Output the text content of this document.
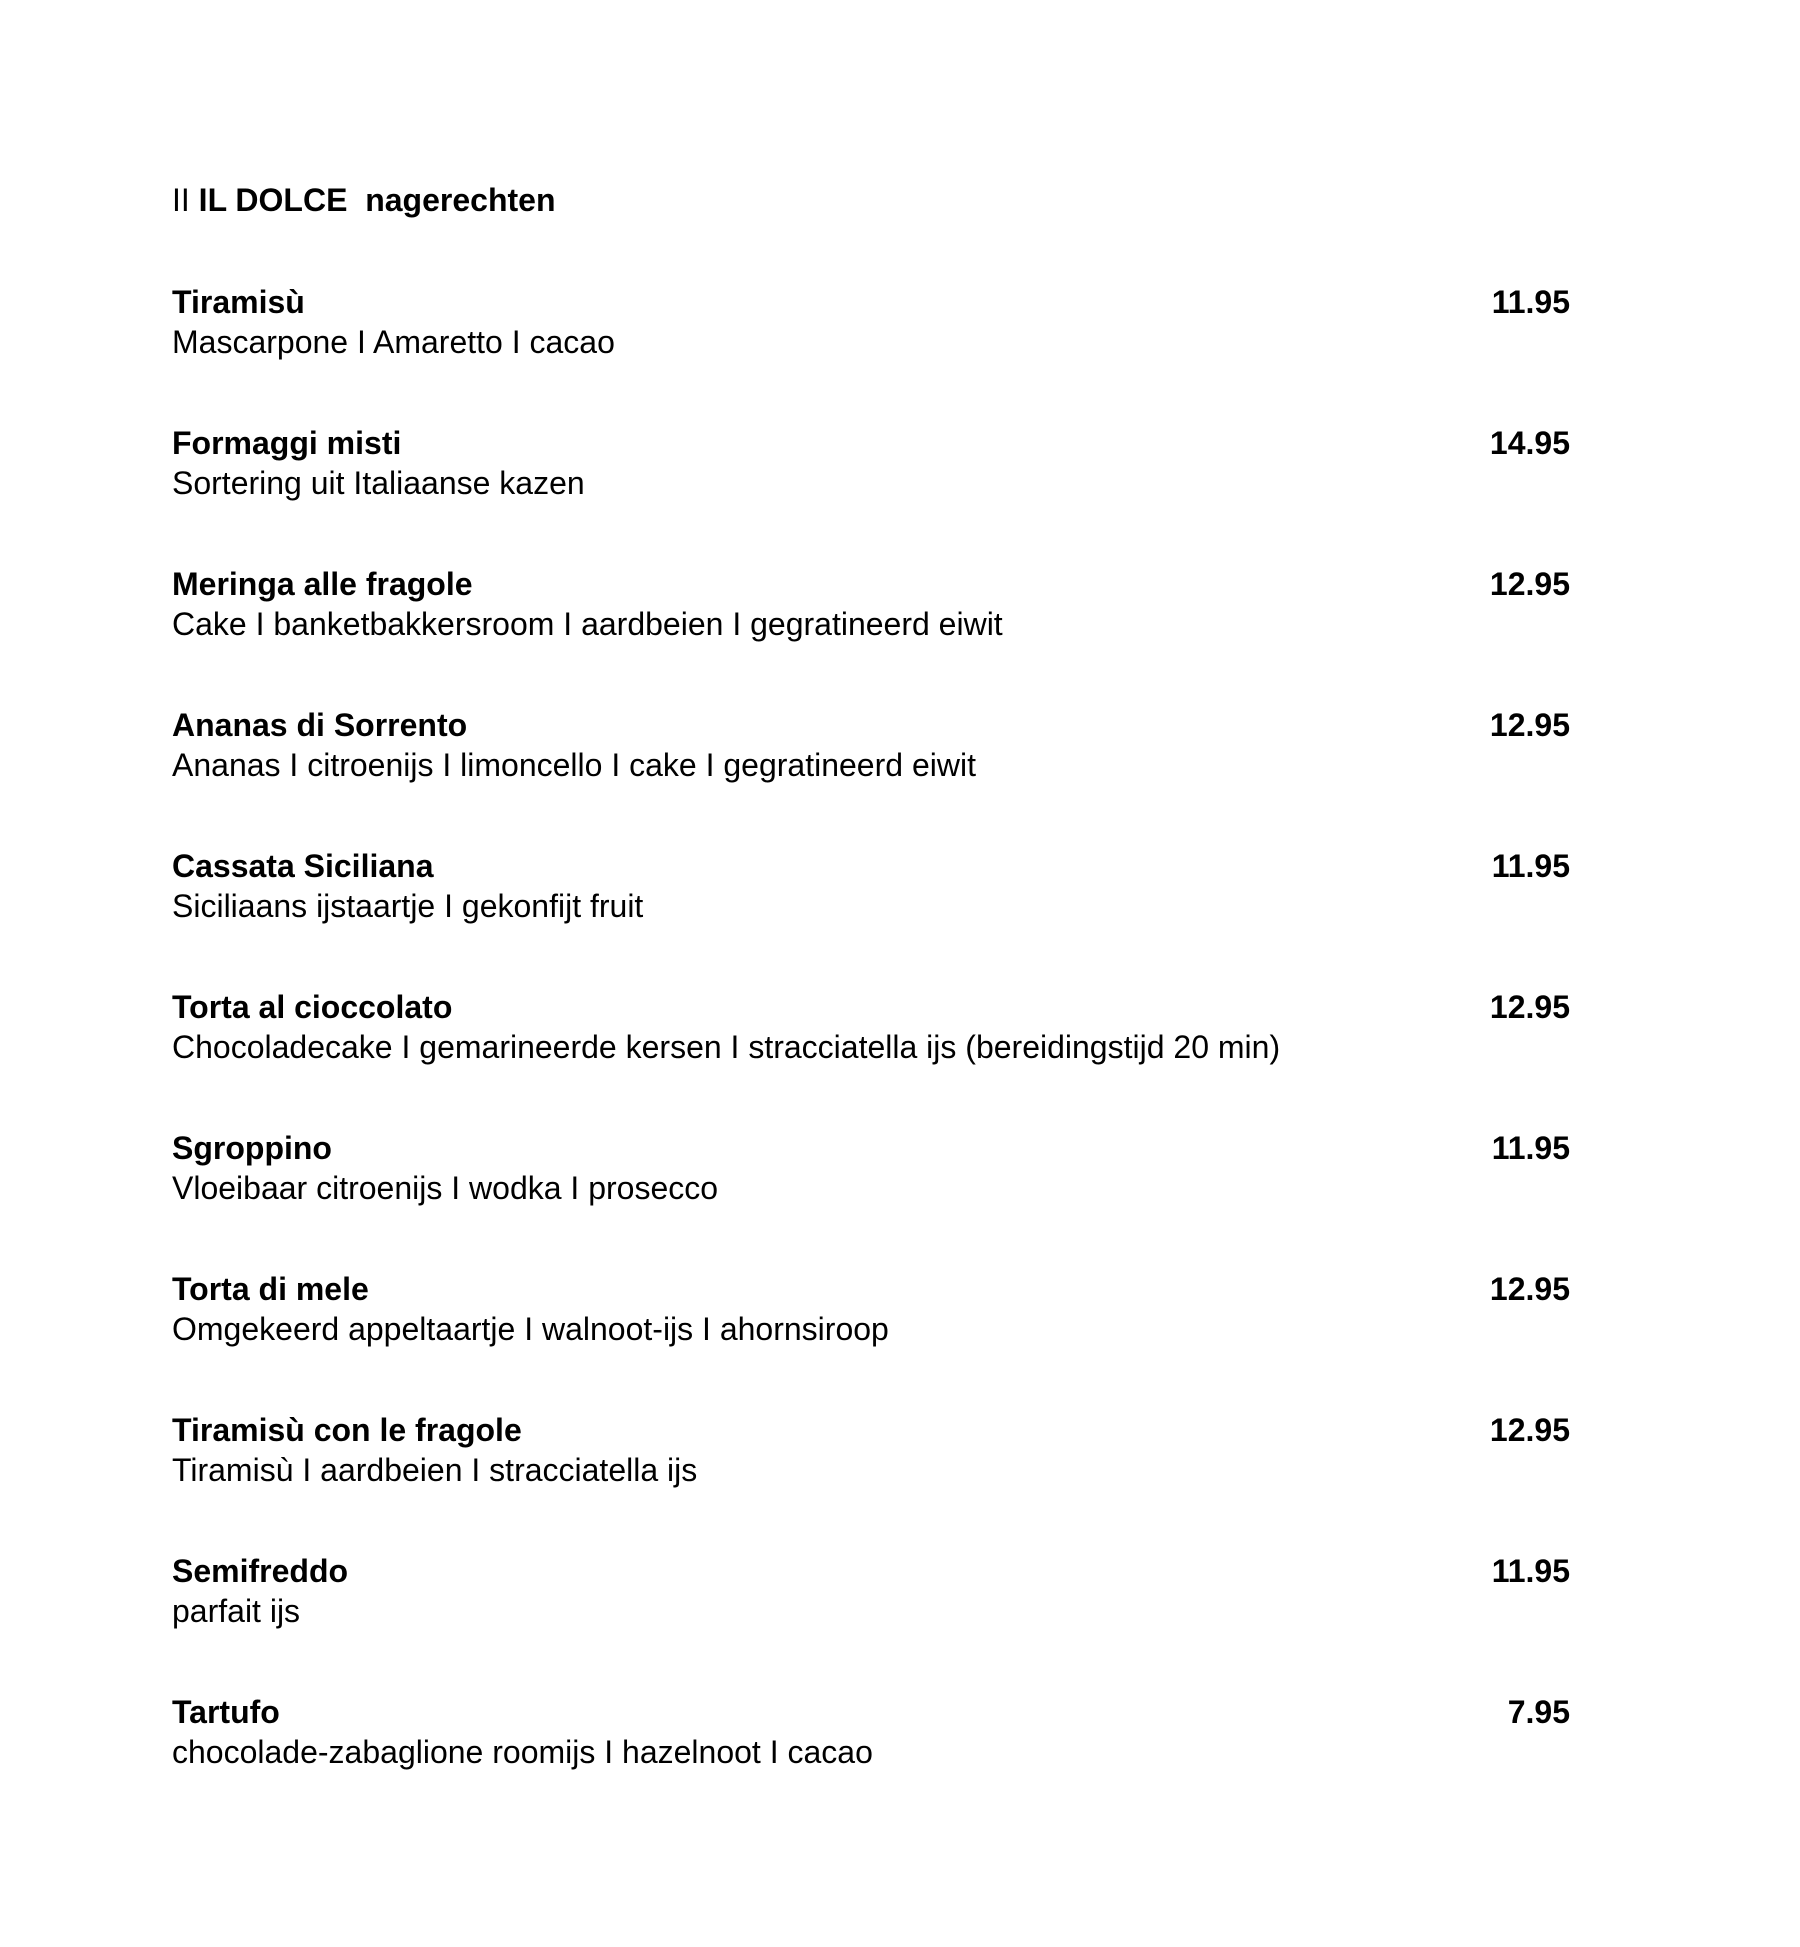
II IL DOLCE  nagerechten
Tiramisù
Mascarpone I Amaretto I cacao
11.95
Formaggi misti
Sortering uit Italiaanse kazen
14.95
Meringa alle fragole
Cake I banketbakkersroom I aardbeien I gegratineerd eiwit
12.95
Ananas di Sorrento
Ananas I citroenijs I limoncello I cake I gegratineerd eiwit
12.95
Cassata Siciliana
Siciliaans ijstaartje I gekonfijt fruit
11.95
Torta al cioccolato
Chocoladecake I gemarineerde kersen I stracciatella ijs (bereidingstijd 20 min)
12.95
Sgroppino
Vloeibaar citroenijs I wodka I prosecco
11.95
Torta di mele
Omgekeerd appeltaartje I walnoot-ijs I ahornsiroop
12.95
Tiramisù con le fragole
Tiramisù I aardbeien I stracciatella ijs
12.95
Semifreddo
parfait ijs
11.95
Tartufo
chocolade-zabaglione roomijs I hazelnoot I cacao
7.95
